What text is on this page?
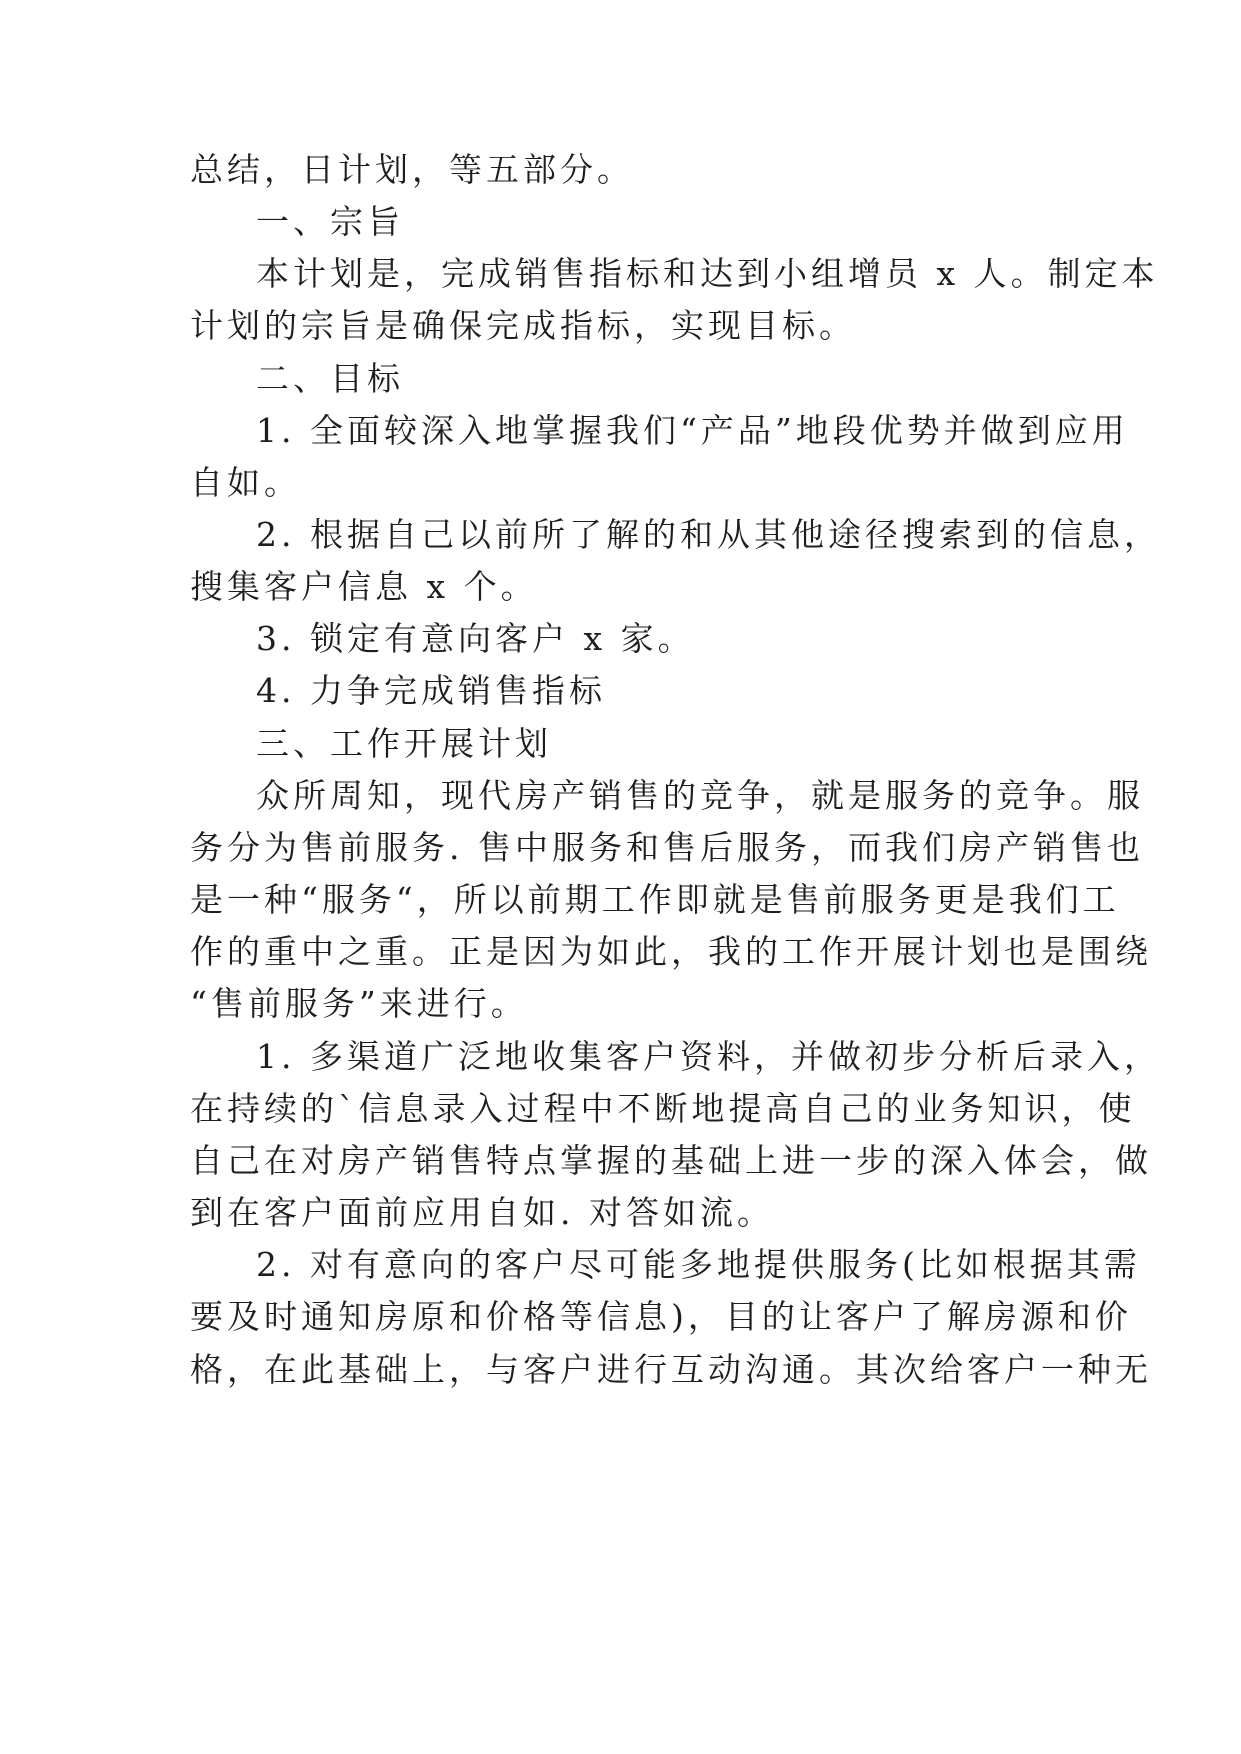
总结，日计划，等五部分。
一、宗旨
本计划是，完成销售指标和达到小组增员 x 人。制定本
计划的宗旨是确保完成指标，实现目标。
二、目标
1. 全面较深入地掌握我们“产品”地段优势并做到应用
自如。
2. 根据自己以前所了解的和从其他途径搜索到的信息，
搜集客户信息 x 个。
3. 锁定有意向客户 x 家。
4. 力争完成销售指标
三、工作开展计划
众所周知，现代房产销售的竞争，就是服务的竞争。服
务分为售前服务. 售中服务和售后服务，而我们房产销售也
是一种“服务“，所以前期工作即就是售前服务更是我们工
作的重中之重。正是因为如此，我的工作开展计划也是围绕
“售前服务”来进行。
1. 多渠道广泛地收集客户资料，并做初步分析后录入，
在持续的`信息录入过程中不断地提高自己的业务知识，使
自己在对房产销售特点掌握的基础上进一步的深入体会，做
到在客户面前应用自如. 对答如流。
2. 对有意向的客户尽可能多地提供服务(比如根据其需
要及时通知房原和价格等信息)，目的让客户了解房源和价
格，在此基础上，与客户进行互动沟通。其次给客户一种无
